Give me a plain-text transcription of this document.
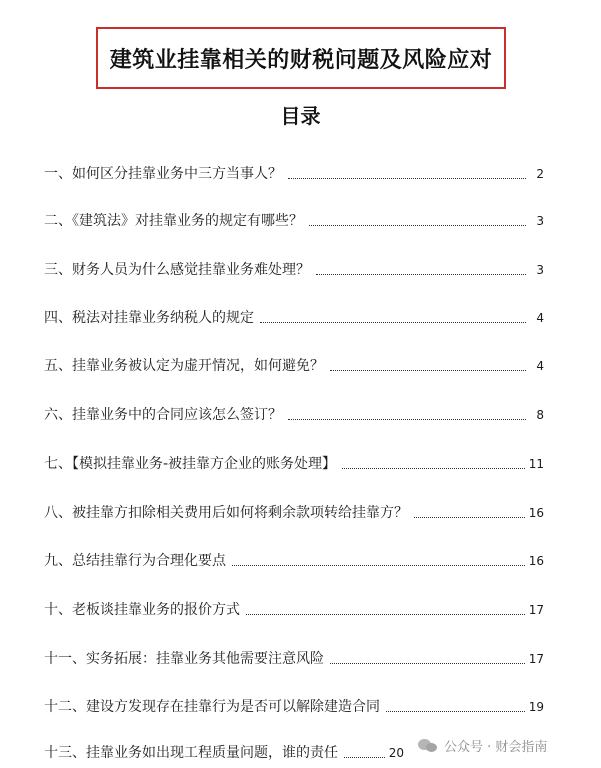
建筑业挂靠相关的财税问题及风险应对
目录
一、如何区分挂靠业务中三方当事人？	2
二、《建筑法》对挂靠业务的规定有哪些？	3
三、财务人员为什么感觉挂靠业务难处理？	3
四、税法对挂靠业务纳税人的规定	4
五、挂靠业务被认定为虚开情况，如何避免？	4
六、挂靠业务中的合同应该怎么签订？	8
七、【模拟挂靠业务-被挂靠方企业的账务处理】	11
八、被挂靠方扣除相关费用后如何将剩余款项转给挂靠方？	16
九、总结挂靠行为合理化要点	16
十、老板谈挂靠业务的报价方式	17
十一、实务拓展：挂靠业务其他需要注意风险	17
十二、建设方发现存在挂靠行为是否可以解除建造合同	19
十三、挂靠业务如出现工程质量问题，谁的责任	20	公众号 · 财会指南
